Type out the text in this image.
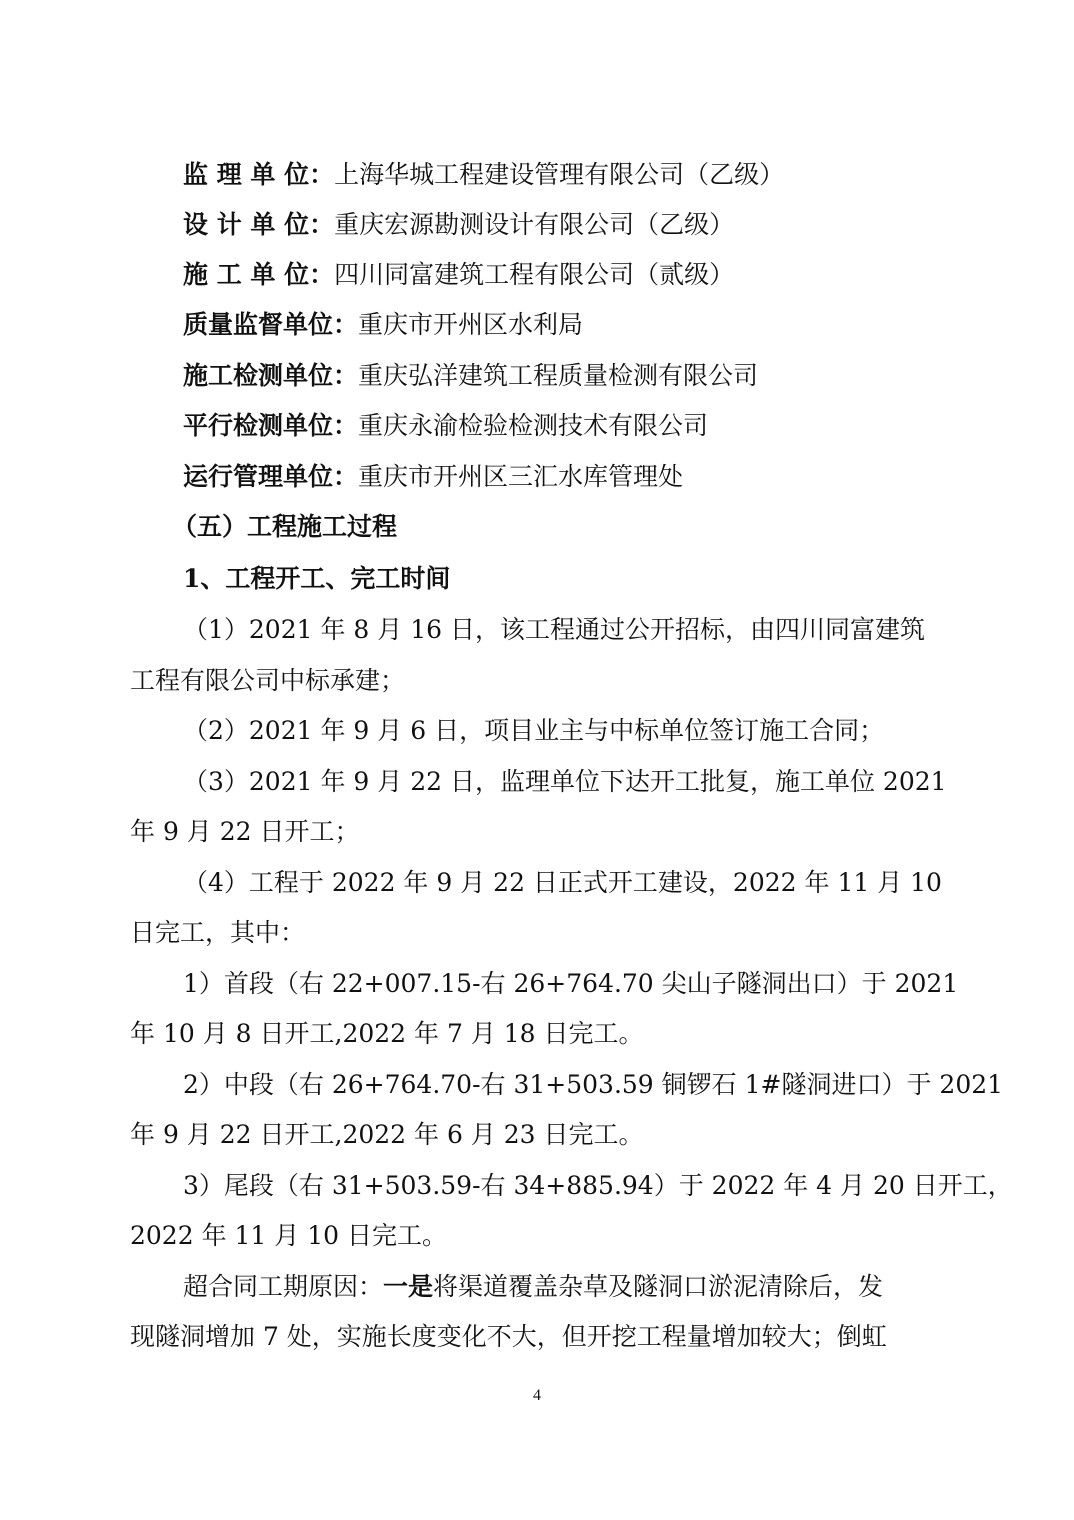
监 理 单 位：上海华城工程建设管理有限公司（乙级）
设 计 单 位：重庆宏源勘测设计有限公司（乙级）
施 工 单 位：四川同富建筑工程有限公司（贰级）
质量监督单位：重庆市开州区水利局
施工检测单位：重庆弘洋建筑工程质量检测有限公司
平行检测单位：重庆永渝检验检测技术有限公司
运行管理单位：重庆市开州区三汇水库管理处
（五）工程施工过程
1、工程开工、完工时间
（1）2021 年 8 月 16 日，该工程通过公开招标，由四川同富建筑
工程有限公司中标承建；
（2）2021 年 9 月 6 日，项目业主与中标单位签订施工合同；
（3）2021 年 9 月 22 日，监理单位下达开工批复，施工单位 2021
年 9 月 22 日开工；
（4）工程于 2022 年 9 月 22 日正式开工建设，2022 年 11 月 10
日完工，其中：
1）首段（右 22+007.15-右 26+764.70 尖山子隧洞出口）于 2021
年 10 月 8 日开工,2022 年 7 月 18 日完工。
2）中段（右 26+764.70-右 31+503.59 铜锣石 1#隧洞进口）于 2021
年 9 月 22 日开工,2022 年 6 月 23 日完工。
3）尾段（右 31+503.59-右 34+885.94）于 2022 年 4 月 20 日开工，
2022 年 11 月 10 日完工。
超合同工期原因：一是将渠道覆盖杂草及隧洞口淤泥清除后，发
现隧洞增加 7 处，实施长度变化不大，但开挖工程量增加较大；倒虹
4
